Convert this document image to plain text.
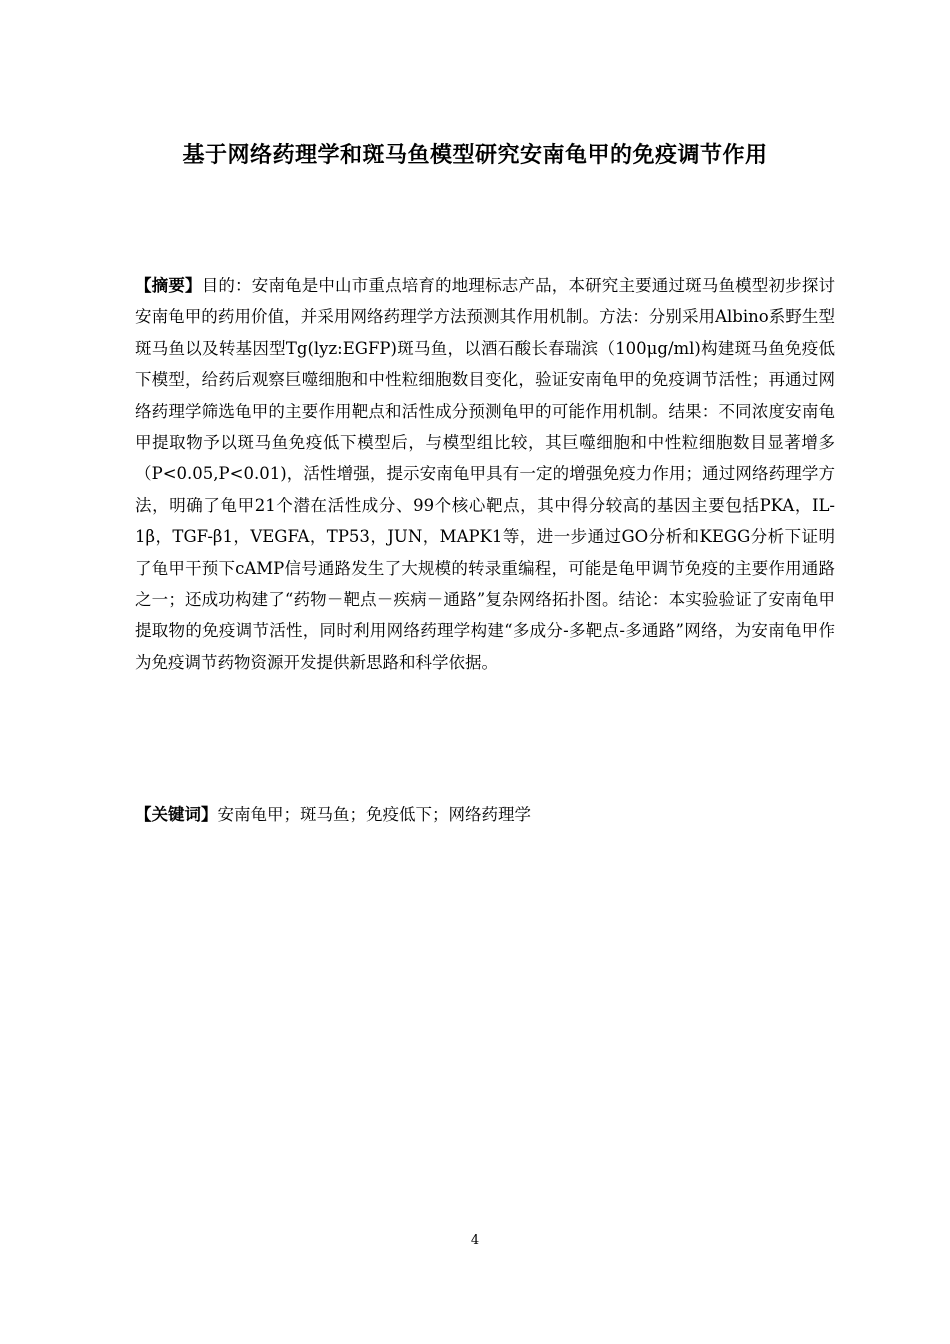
基于网络药理学和斑马鱼模型研究安南龟甲的免疫调节作用

【摘要】目的：安南龟是中山市重点培育的地理标志产品，本研究主要通过斑马鱼模型初步探讨安南龟甲的药用价值，并采用网络药理学方法预测其作用机制。方法：分别采用Albino系野生型斑马鱼以及转基因型Tg(lyz:EGFP)斑马鱼，以酒石酸长春瑞滨（100μg/ml)构建斑马鱼免疫低下模型，给药后观察巨噬细胞和中性粒细胞数目变化，验证安南龟甲的免疫调节活性；再通过网络药理学筛选龟甲的主要作用靶点和活性成分预测龟甲的可能作用机制。结果：不同浓度安南龟甲提取物予以斑马鱼免疫低下模型后，与模型组比较，其巨噬细胞和中性粒细胞数目显著增多（P<0.05,P<0.01)，活性增强，提示安南龟甲具有一定的增强免疫力作用；通过网络药理学方法，明确了龟甲21个潜在活性成分、99个核心靶点，其中得分较高的基因主要包括PKA，IL-1β，TGF-β1，VEGFA，TP53，JUN，MAPK1等，进一步通过GO分析和KEGG分析下证明了龟甲干预下cAMP信号通路发生了大规模的转录重编程，可能是龟甲调节免疫的主要作用通路之一；还成功构建了“药物－靶点－疾病－通路”复杂网络拓扑图。结论：本实验验证了安南龟甲提取物的免疫调节活性，同时利用网络药理学构建“多成分-多靶点-多通路”网络，为安南龟甲作为免疫调节药物资源开发提供新思路和科学依据。

【关键词】安南龟甲；斑马鱼；免疫低下；网络药理学
4
